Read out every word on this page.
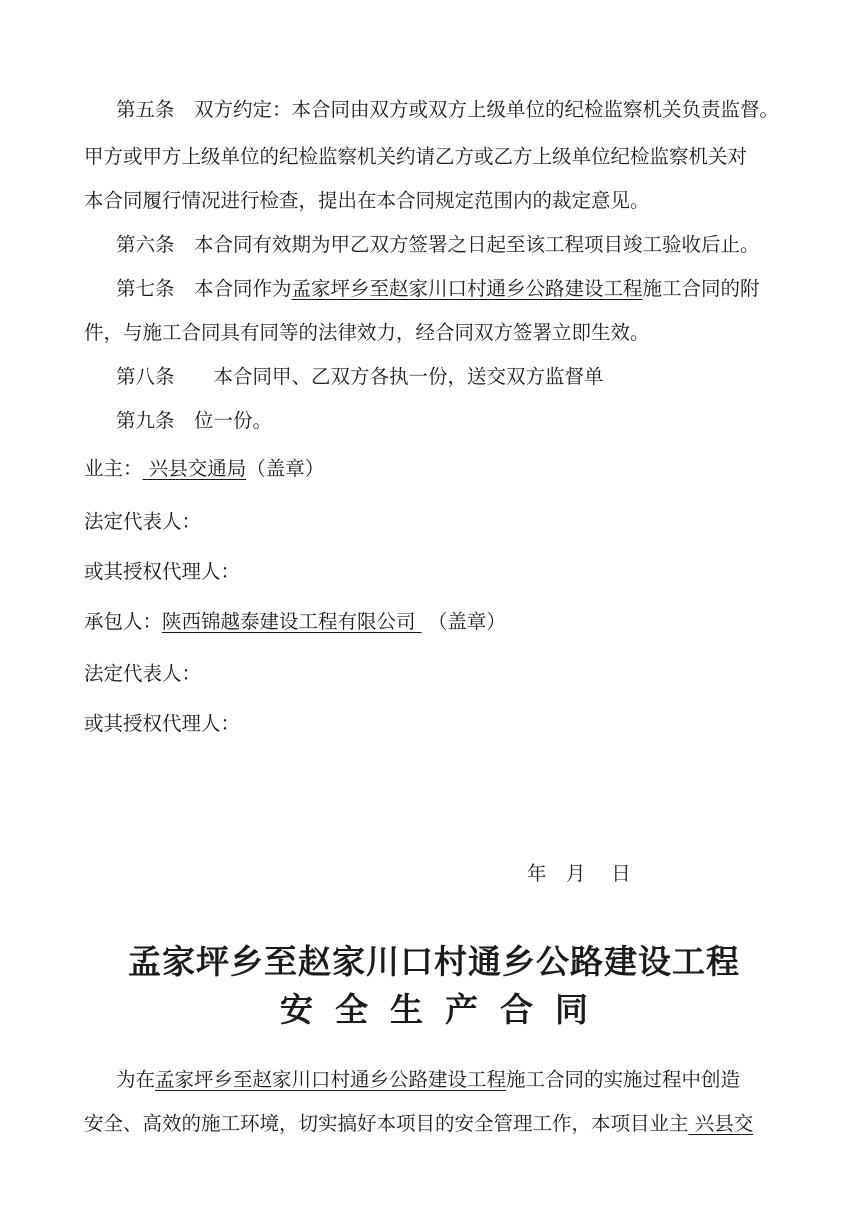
第五条　双方约定：本合同由双方或双方上级单位的纪检监察机关负责监督。
甲方或甲方上级单位的纪检监察机关约请乙方或乙方上级单位纪检监察机关对
本合同履行情况进行检查，提出在本合同规定范围内的裁定意见。
第六条　本合同有效期为甲乙双方签署之日起至该工程项目竣工验收后止。
第七条　本合同作为孟家坪乡至赵家川口村通乡公路建设工程施工合同的附
件，与施工合同具有同等的法律效力，经合同双方签署立即生效。
第八条　　本合同甲、乙双方各执一份，送交双方监督单
第九条　位一份。
业主： 兴县交通局（盖章）
法定代表人：
或其授权代理人：
承包人：陕西锦越泰建设工程有限公司  （盖章）
法定代表人：
或其授权代理人：
年　月　 日
孟家坪乡至赵家川口村通乡公路建设工程
安全生产合同
为在孟家坪乡至赵家川口村通乡公路建设工程施工合同的实施过程中创造
安全、高效的施工环境，切实搞好本项目的安全管理工作，本项目业主 兴县交
